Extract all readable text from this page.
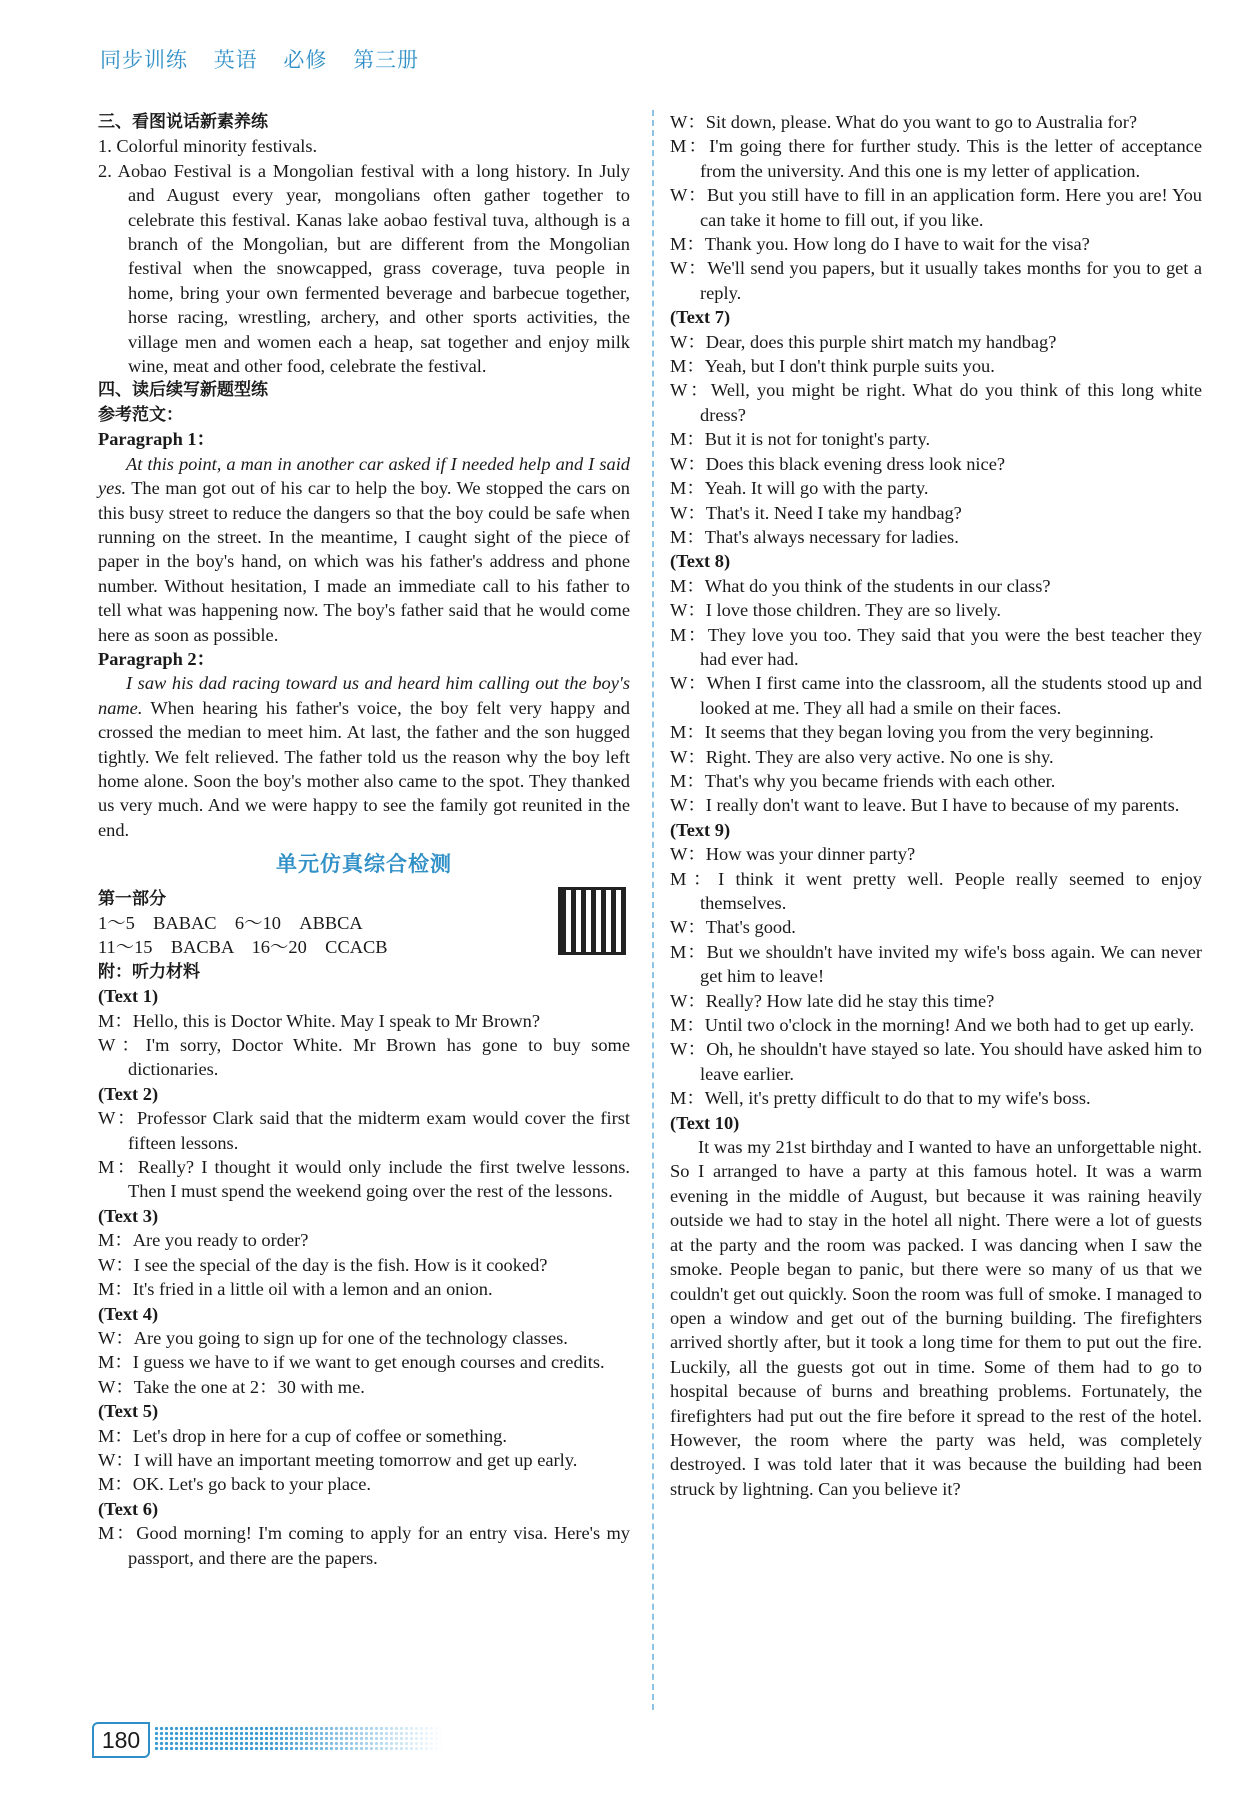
同步训练 英语 必修 第三册

三、看图说话新素养练

1. Colorful minority festivals.

2. Aobao Festival is a Mongolian festival with a long history. In July and August every year, mongolians often gather together to celebrate this festival. Kanas lake aobao festival tuva, although is a branch of the Mongolian, but are different from the Mongolian festival when the snowcapped, grass coverage, tuva people in home, bring your own fermented beverage and barbecue together, horse racing, wrestling, archery, and other sports activities, the village men and women each a heap, sat together and enjoy milk wine, meat and other food, celebrate the festival.

四、读后续写新题型练

参考范文：

Paragraph 1：

At this point, a man in another car asked if I needed help and I said yes. The man got out of his car to help the boy. We stopped the cars on this busy street to reduce the dangers so that the boy could be safe when running on the street. In the meantime, I caught sight of the piece of paper in the boy's hand, on which was his father's address and phone number. Without hesitation, I made an immediate call to his father to tell what was happening now. The boy's father said that he would come here as soon as possible.

Paragraph 2：

I saw his dad racing toward us and heard him calling out the boy's name. When hearing his father's voice, the boy felt very happy and crossed the median to meet him. At last, the father and the son hugged tightly. We felt relieved. The father told us the reason why the boy left home alone. Soon the boy's mother also came to the spot. They thanked us very much. And we were happy to see the family got reunited in the end.

单元仿真综合检测

第一部分

1～5　BABAC　6～10　ABBCA

11～15　BACBA　16～20　CCACB

附：听力材料

(Text 1)

M：Hello, this is Doctor White. May I speak to Mr Brown?

W：I'm sorry, Doctor White. Mr Brown has gone to buy some dictionaries.

(Text 2)

W：Professor Clark said that the midterm exam would cover the first fifteen lessons.

M：Really? I thought it would only include the first twelve lessons. Then I must spend the weekend going over the rest of the lessons.

(Text 3)

M：Are you ready to order?

W：I see the special of the day is the fish. How is it cooked?

M：It's fried in a little oil with a lemon and an onion.

(Text 4)

W：Are you going to sign up for one of the technology classes.

M：I guess we have to if we want to get enough courses and credits.

W：Take the one at 2：30 with me.

(Text 5)

M：Let's drop in here for a cup of coffee or something.

W：I will have an important meeting tomorrow and get up early.

M：OK. Let's go back to your place.

(Text 6)

M：Good morning! I'm coming to apply for an entry visa. Here's my passport, and there are the papers.

W：Sit down, please. What do you want to go to Australia for?

M：I'm going there for further study. This is the letter of acceptance from the university. And this one is my letter of application.

W：But you still have to fill in an application form. Here you are! You can take it home to fill out, if you like.

M：Thank you. How long do I have to wait for the visa?

W：We'll send you papers, but it usually takes months for you to get a reply.

(Text 7)

W：Dear, does this purple shirt match my handbag?

M：Yeah, but I don't think purple suits you.

W：Well, you might be right. What do you think of this long white dress?

M：But it is not for tonight's party.

W：Does this black evening dress look nice?

M：Yeah. It will go with the party.

W：That's it. Need I take my handbag?

M：That's always necessary for ladies.

(Text 8)

M：What do you think of the students in our class?

W：I love those children. They are so lively.

M：They love you too. They said that you were the best teacher they had ever had.

W：When I first came into the classroom, all the students stood up and looked at me. They all had a smile on their faces.

M：It seems that they began loving you from the very beginning.

W：Right. They are also very active. No one is shy.

M：That's why you became friends with each other.

W：I really don't want to leave. But I have to because of my parents.

(Text 9)

W：How was your dinner party?

M：I think it went pretty well. People really seemed to enjoy themselves.

W：That's good.

M：But we shouldn't have invited my wife's boss again. We can never get him to leave!

W：Really? How late did he stay this time?

M：Until two o'clock in the morning! And we both had to get up early.

W：Oh, he shouldn't have stayed so late. You should have asked him to leave earlier.

M：Well, it's pretty difficult to do that to my wife's boss.

(Text 10)

It was my 21st birthday and I wanted to have an unforgettable night. So I arranged to have a party at this famous hotel. It was a warm evening in the middle of August, but because it was raining heavily outside we had to stay in the hotel all night. There were a lot of guests at the party and the room was packed. I was dancing when I saw the smoke. People began to panic, but there were so many of us that we couldn't get out quickly. Soon the room was full of smoke. I managed to open a window and get out of the burning building. The firefighters arrived shortly after, but it took a long time for them to put out the fire. Luckily, all the guests got out in time. Some of them had to go to hospital because of burns and breathing problems. Fortunately, the firefighters had put out the fire before it spread to the rest of the hotel. However, the room where the party was held, was completely destroyed. I was told later that it was because the building had been struck by lightning. Can you believe it?

180
